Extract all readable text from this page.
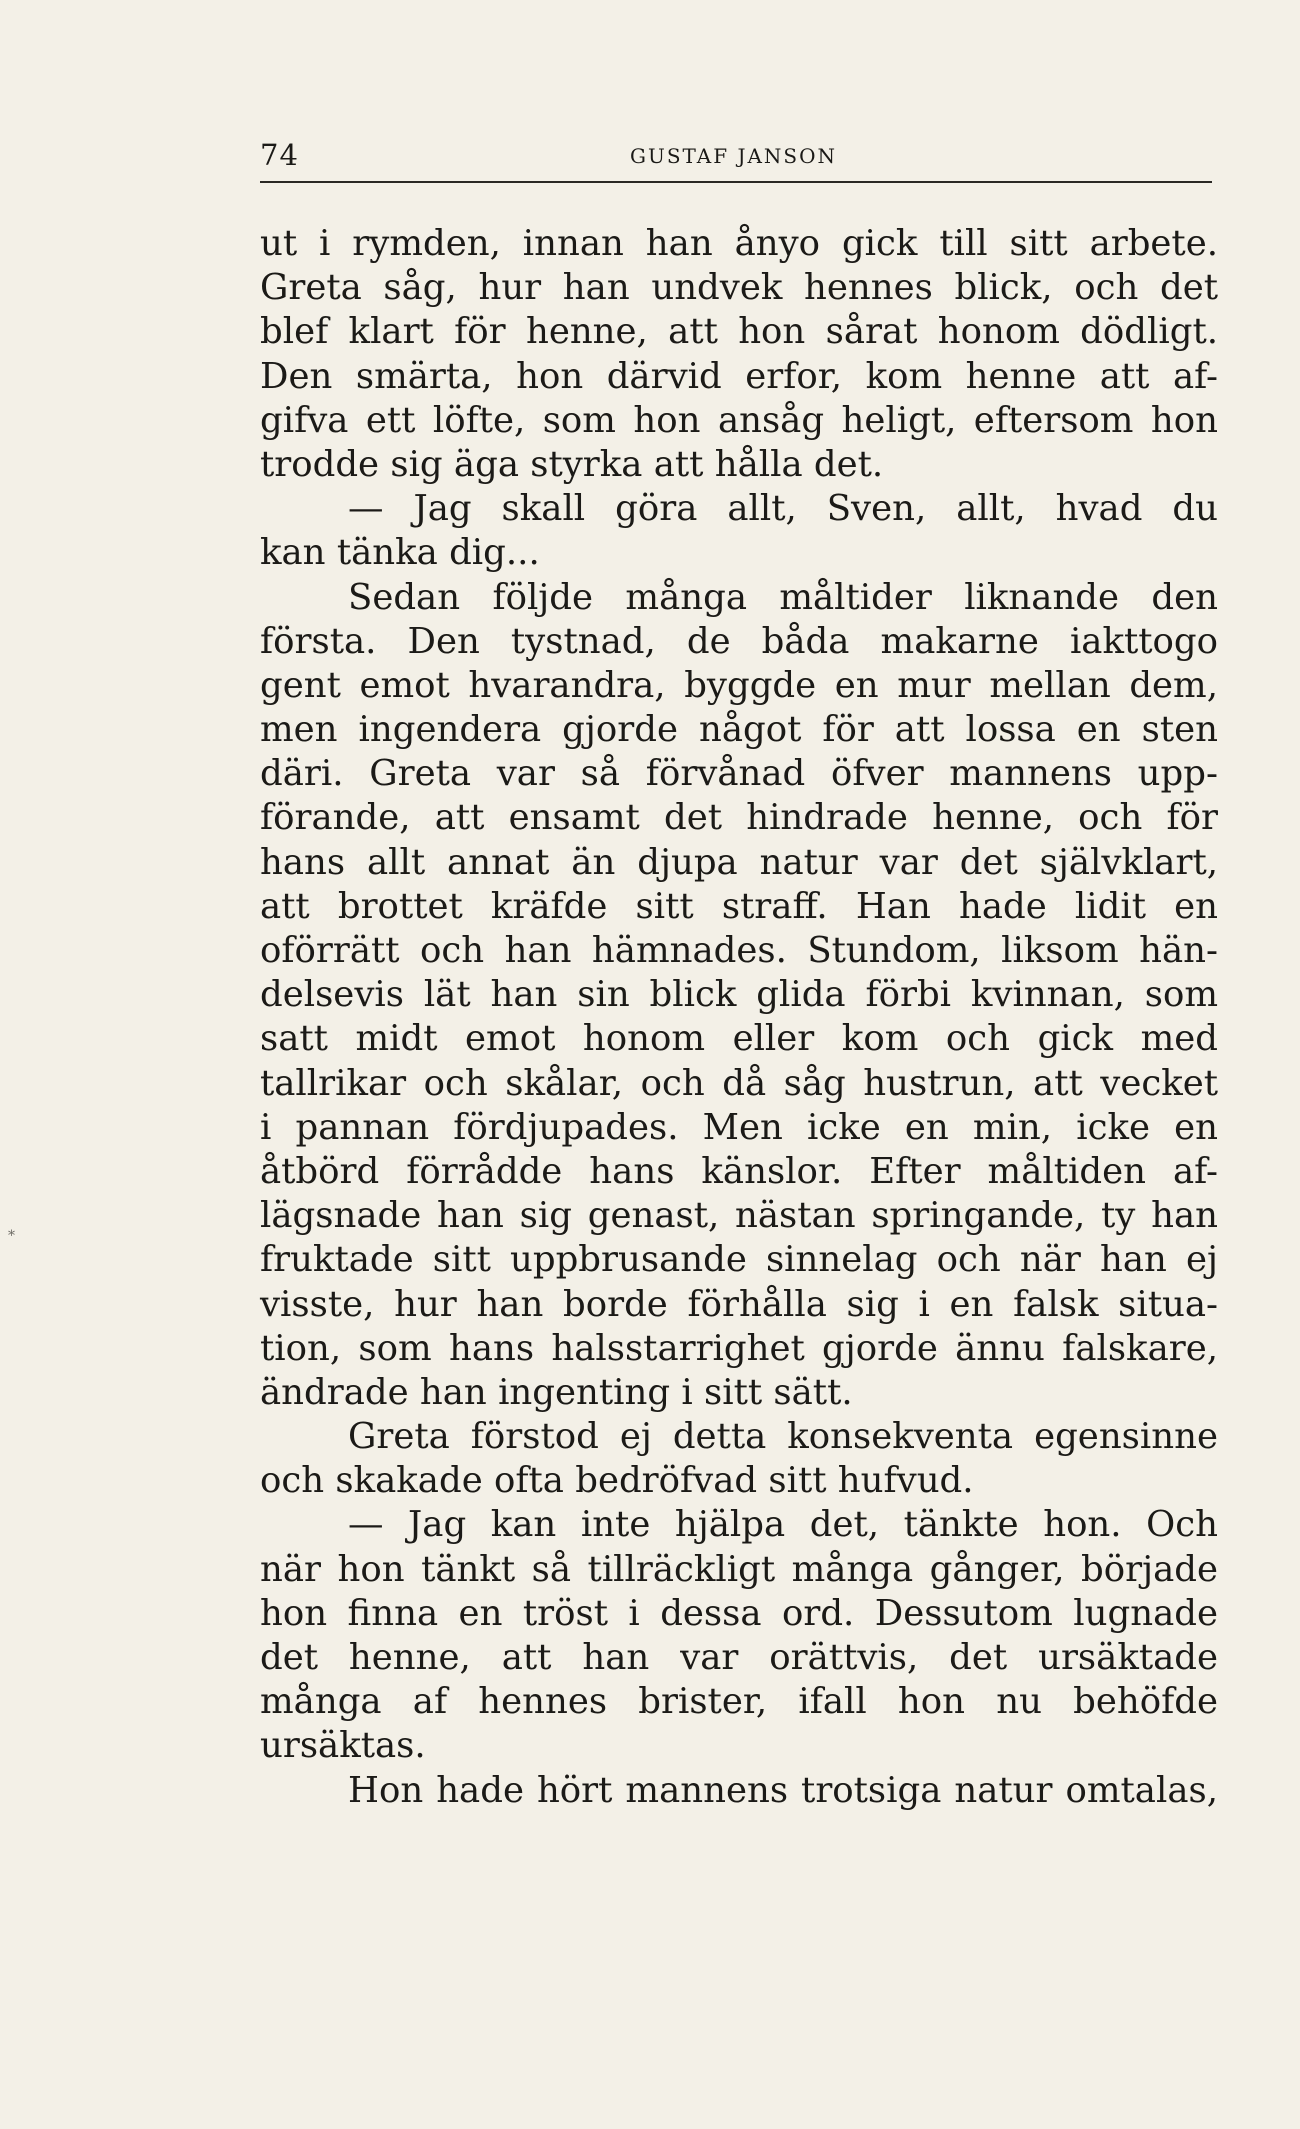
74	GUSTAF JANSON
*
ut i rymden, innan han ånyo gick till sitt arbete.
Greta såg, hur han undvek hennes blick, och det
blef klart för henne, att hon sårat honom dödligt.
Den smärta, hon därvid erfor, kom henne att af-
gifva ett löfte, som hon ansåg heligt, eftersom hon
trodde sig äga styrka att hålla det.
— Jag skall göra allt, Sven, allt, hvad du
kan tänka dig...
Sedan följde många måltider liknande den
första. Den tystnad, de båda makarne iakttogo
gent emot hvarandra, byggde en mur mellan dem,
men ingendera gjorde något för att lossa en sten
däri. Greta var så förvånad öfver mannens upp-
förande, att ensamt det hindrade henne, och för
hans allt annat än djupa natur var det självklart,
att brottet kräfde sitt straff. Han hade lidit en
oförrätt och han hämnades. Stundom, liksom hän-
delsevis lät han sin blick glida förbi kvinnan, som
satt midt emot honom eller kom och gick med
tallrikar och skålar, och då såg hustrun, att vecket
i pannan fördjupades. Men icke en min, icke en
åtbörd förrådde hans känslor. Efter måltiden af-
lägsnade han sig genast, nästan springande, ty han
fruktade sitt uppbrusande sinnelag och när han ej
visste, hur han borde förhålla sig i en falsk situa-
tion, som hans halsstarrighet gjorde ännu falskare,
ändrade han ingenting i sitt sätt.
Greta förstod ej detta konsekventa egensinne
och skakade ofta bedröfvad sitt hufvud.
— Jag kan inte hjälpa det, tänkte hon. Och
när hon tänkt så tillräckligt många gånger, började
hon finna en tröst i dessa ord. Dessutom lugnade
det henne, att han var orättvis, det ursäktade
många af hennes brister, ifall hon nu behöfde
ursäktas.
Hon hade hört mannens trotsiga natur omtalas,
